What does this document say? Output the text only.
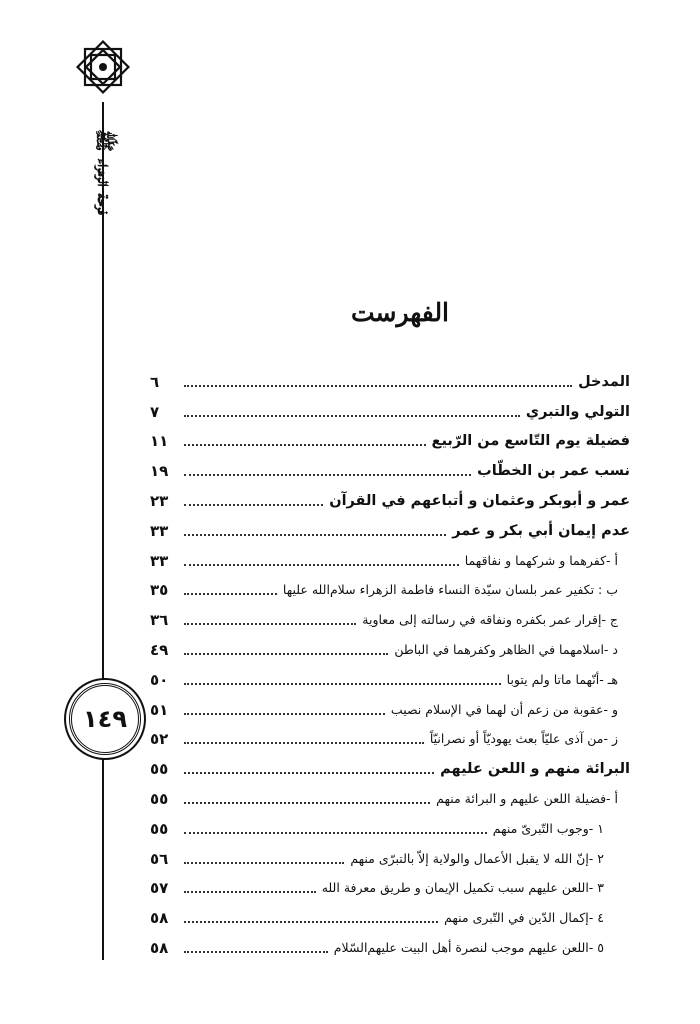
فرحة الزهراء ﷺ
١٤٩
الفهرست
المدخل
٦
التولي والتبري
٧
فضيلة يوم التّاسع من الرّبيع
١١
نسب عمر بن الخطّاب
١٩
عمر و أبوبكر وعثمان و أتباعهم في القرآن
٢٣
عدم إيمان أبي بكر و عمر
٣٣
أ -كفرهما و شركهما و نفاقهما
٣٣
ب : تكفير عمر بلسان سيّدة النساء فاطمة الزهراء سلام‌الله عليها
٣٥
ج -إقرار عمر بكفره ونفاقه في رسالته إلى معاوية
٣٦
د -اسلامهما في الظاهر وكفرهما في الباطن
٤٩
هـ -أنّهما ماتا ولم يتوبا
٥٠
و -عقوبة من زعم أن لهما في الإسلام نصيب
٥١
ز -من آذى عليّاً بعث يهوديّاً أو نصرانيّاً
٥٢
البرائة منهم و اللعن عليهم
٥٥
أ -فضيلة اللعن عليهم و البرائة منهم
٥٥
١ -وجوب التّبرىّ منهم
٥٥
٢ -إنّ الله لا يقبل الأعمال والولاية إلاّ بالتبرّى منهم
٥٦
٣ -اللعن عليهم سبب تكميل الإيمان و طريق معرفة الله
٥٧
٤ -إكمال الدّين في التّبرى منهم
٥٨
٥ -اللعن عليهم موجب لنصرة أهل البيت عليهم‌السّلام
٥٨
